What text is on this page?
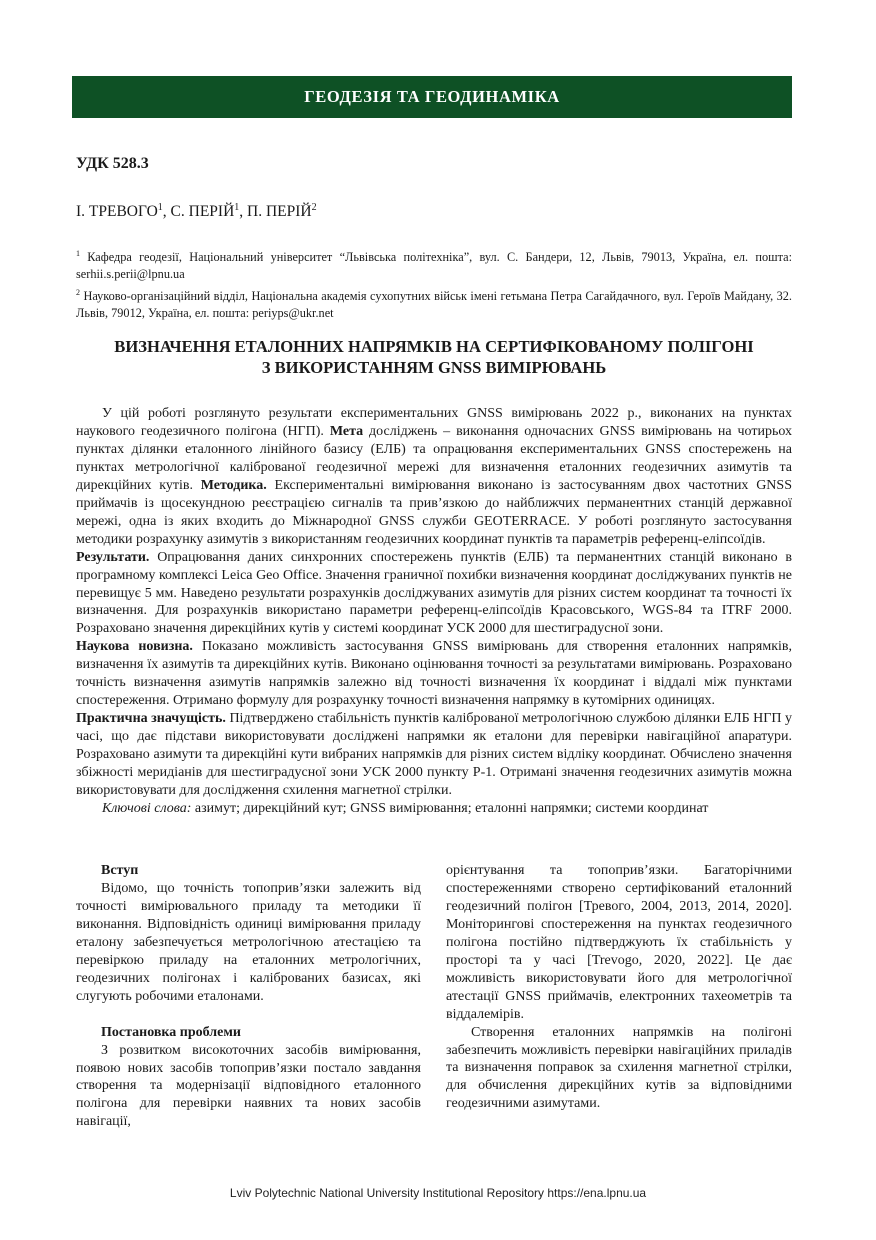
ГЕОДЕЗІЯ ТА ГЕОДИНАМІКА
УДК 528.3
І. ТРЕВОГО$^1$, С. ПЕРІЙ$^1$, П. ПЕРІЙ$^2$

$^1$ Кафедра геодезії, Національний університет “Львівська політехніка”, вул. С. Бандери, 12, Львів, 79013, Україна, ел. пошта: serhii.s.perii@lpnu.ua

$^2$ Науково-організаційний відділ, Національна академія сухопутних військ імені гетьмана Петра Сагайдачного, вул. Героїв Майдану, 32. Львів, 79012, Україна, ел. пошта: periyps@ukr.net

ВИЗНАЧЕННЯ ЕТАЛОННИХ НАПРЯМКІВ НА СЕРТИФІКОВАНОМУ ПОЛІГОНІ
З ВИКОРИСТАННЯМ GNSS ВИМІРЮВАНЬ

У цій роботі розглянуто результати експериментальних GNSS вимірювань 2022 р., виконаних на пунктах наукового геодезичного полігона (НГП). Мета досліджень – виконання одночасних GNSS вимірювань на чотирьох пунктах ділянки еталонного лінійного базису (ЕЛБ) та опрацювання експериментальних GNSS спостережень на пунктах метрологічної каліброваної геодезичної мережі для визначення еталонних геодезичних азимутів та дирекційних кутів. Методика. Експериментальні вимірювання виконано із застосуванням двох частотних GNSS приймачів із щосекундною реєстрацією сигналів та прив’язкою до найближчих перманентних станцій державної мережі, одна із яких входить до Міжнародної GNSS служби GEOTERRACE. У роботі розглянуто застосування методики розрахунку азимутів з використанням геодезичних координат пунктів та параметрів референц-еліпсоїдів.
Результати. Опрацювання даних синхронних спостережень пунктів (ЕЛБ) та перманентних станцій виконано в програмному комплексі Leica Geo Office. Значення граничної похибки визначення координат досліджуваних пунктів не перевищує 5 мм. Наведено результати розрахунків досліджуваних азимутів для різних систем координат та точності їх визначення. Для розрахунків використано параметри референц-еліпсоїдів Красовського, WGS-84 та ITRF 2000. Розраховано значення дирекційних кутів у системі координат УСК 2000 для шестиградусної зони.
Наукова новизна. Показано можливість застосування GNSS вимірювань для створення еталонних напрямків, визначення їх азимутів та дирекційних кутів. Виконано оцінювання точності за результатами вимірювань. Розраховано точність визначення азимутів напрямків залежно від точності визначення їх координат і віддалі між пунктами спостереження. Отримано формулу для розрахунку точності визначення напрямку в кутомірних одиницях.
Практична значущість. Підтверджено стабільність пунктів каліброваної метрологічною службою ділянки ЕЛБ НГП у часі, що дає підстави використовувати досліджені напрямки як еталони для перевірки навігаційної апаратури. Розраховано азимути та дирекційні кути вибраних напрямків для різних систем відліку координат. Обчислено значення збіжності меридіанів для шестиградусної зони УСК 2000 пункту Р-1. Отримані значення геодезичних азимутів можна використовувати для дослідження схилення магнетної стрілки.

Ключові слова: азимут; дирекційний кут; GNSS вимірювання; еталонні напрямки; системи координат

Вступ

Відомо, що точність топоприв’язки залежить від точності вимірювального приладу та методики її виконання. Відповідність одиниці вимірювання приладу еталону забезпечується метрологічною атестацією та перевіркою приладу на еталонних метрологічних, геодезичних полігонах і каліброваних базисах, які слугують робочими еталонами.

Постановка проблеми

З розвитком високоточних засобів вимірювання, появою нових засобів топоприв’язки постало завдання створення та модернізації відповідного еталонного полігона для перевірки наявних та нових засобів навігації,

орієнтування та топоприв’язки. Багаторічними спостереженнями створено сертифікований еталонний геодезичний полігон [Тревого, 2004, 2013, 2014, 2020]. Моніторингові спостереження на пунктах геодезичного полігона постійно підтверджують їх стабільність у просторі та у часі [Trevogo, 2020, 2022]. Це дає можливість використовувати його для метрологічної атестації GNSS приймачів, електронних тахеометрів та віддалемірів.

Створення еталонних напрямків на полігоні забезпечить можливість перевірки навігаційних приладів та визначення поправок за схилення магнетної стрілки, для обчислення дирекційних кутів за відповідними геодезичними азимутами.

Lviv Polytechnic National University Institutional Repository https://ena.lpnu.ua
